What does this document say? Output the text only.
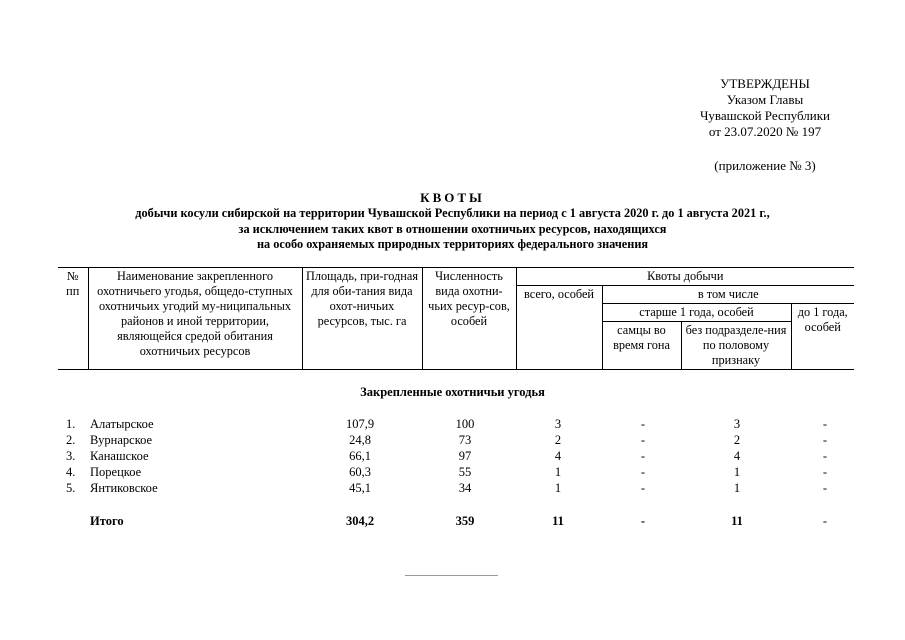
УТВЕРЖДЕНЫ
Указом Главы
Чувашской Республики
от 23.07.2020 № 197
(приложение № 3)
КВОТЫ
добычи косули сибирской на территории Чувашской Республики на период с 1 августа 2020 г. до 1 августа 2021 г.,
за исключением таких квот в отношении охотничьих ресурсов, находящихся
на особо охраняемых природных территориях федерального значения
№ пп	Наименование закрепленного охотничьего угодья, общедо-ступных охотничьих угодий му-ниципальных районов и иной территории, являющейся средой обитания охотничьих ресурсов	Площадь, при-годная для оби-тания вида охот-ничьих ресурсов, тыс. га	Численность вида охотни-чьих ресур-сов, особей	Квоты добычи			
				всего, особей	в том числе		
					старше 1 года, особей		до 1 года, особей
					самцы во время гона	без подразделе-ния по половому признаку	
Закрепленные охотничьи угодья
1. Алатырское	107,9	100	3	-	3	-
2. Вурнарское	24,8	73	2	-	2	-
3. Канашское	66,1	97	4	-	4	-
4. Порецкое	60,3	55	1	-	1	-
5. Янтиковское	45,1	34	1	-	1	-
Итого	304,2	359	11	-	11	-
